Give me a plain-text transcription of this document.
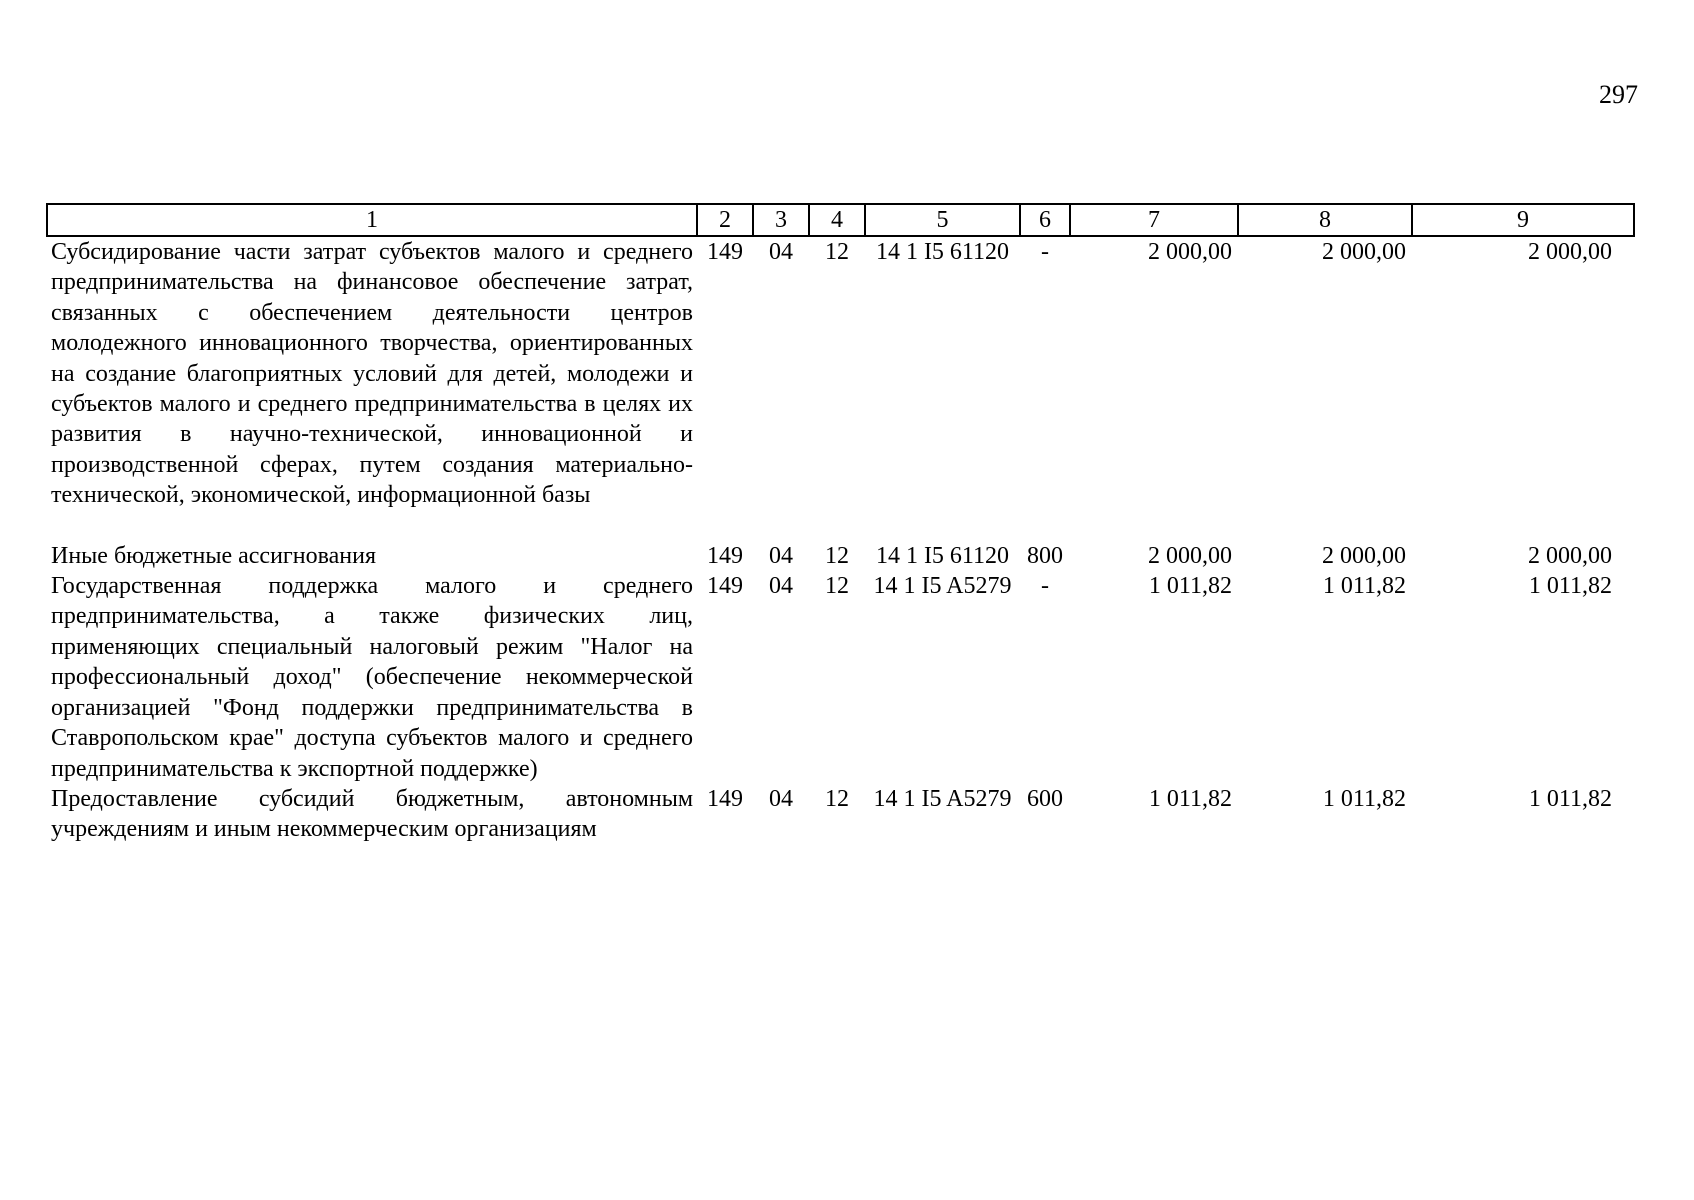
297
1	2	3	4	5	6	7	8	9
Субсидирование части затрат субъектов малого и среднего предпринимательства на финансовое обеспечение затрат, связанных с обеспечением деятельности центров молодежного инновационного творчества, ориентированных на создание благоприятных условий для детей, молодежи и субъектов малого и среднего предпринимательства в целях их развития в научно-технической, инновационной и производственной сферах, путем создания материально-технической, экономической, информационной базы	149	04	12	14 1 I5 61120	-	2 000,00	2 000,00	2 000,00

Иные бюджетные ассигнования	149	04	12	14 1 I5 61120	800	2 000,00	2 000,00	2 000,00
Государственная поддержка малого и среднего предпринимательства, а также физических лиц, применяющих специальный налоговый режим "Налог на профессиональный доход" (обеспечение некоммерческой организацией "Фонд поддержки предпринимательства в Ставропольском крае" доступа субъектов малого и среднего предпринимательства к экспортной поддержке)	149	04	12	14 1 I5 A5279	-	1 011,82	1 011,82	1 011,82
Предоставление субсидий бюджетным, автономным учреждениям и иным некоммерческим организациям	149	04	12	14 1 I5 A5279	600	1 011,82	1 011,82	1 011,82
